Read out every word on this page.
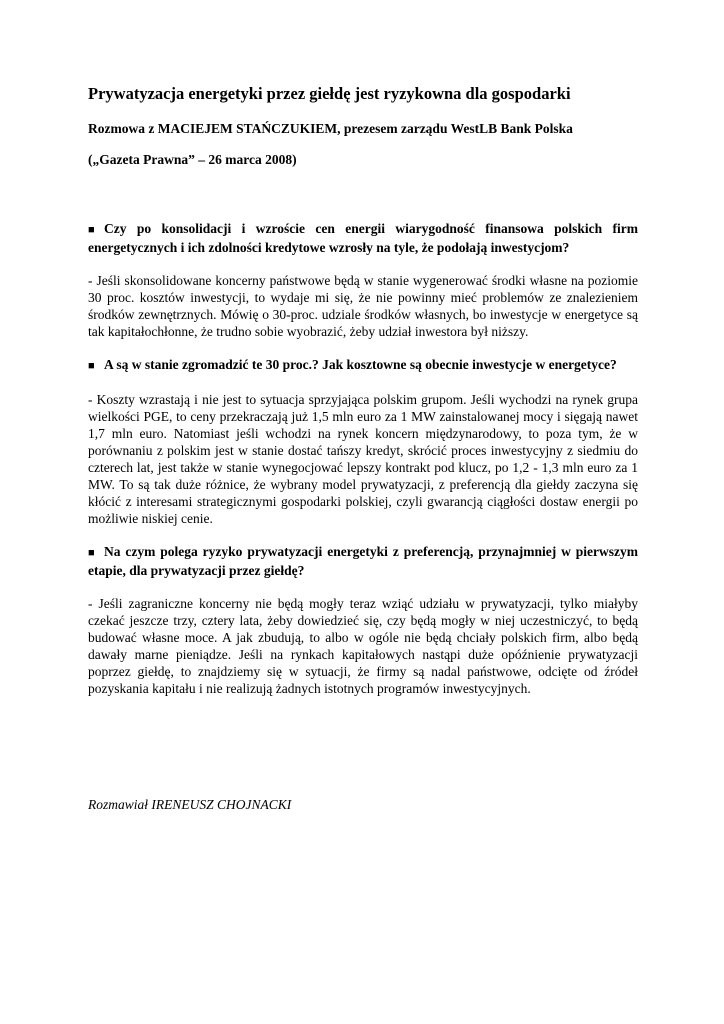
Prywatyzacja energetyki przez giełdę jest ryzykowna dla gospodarki
Rozmowa z MACIEJEM STAŃCZUKIEM, prezesem zarządu WestLB Bank Polska
(„Gazeta Prawna” – 26 marca 2008)
■ Czy po konsolidacji i wzroście cen energii wiarygodność finansowa polskich firm energetycznych i ich zdolności kredytowe wzrosły na tyle, że podołają inwestycjom?
- Jeśli skonsolidowane koncerny państwowe będą w stanie wygenerować środki własne na poziomie 30 proc. kosztów inwestycji, to wydaje mi się, że nie powinny mieć problemów ze znalezieniem środków zewnętrznych. Mówię o 30-proc. udziale środków własnych, bo inwestycje w energetyce są tak kapitałochłonne, że trudno sobie wyobrazić, żeby udział inwestora był niższy.
■ A są w stanie zgromadzić te 30 proc.? Jak kosztowne są obecnie inwestycje w energetyce?
- Koszty wzrastają i nie jest to sytuacja sprzyjająca polskim grupom. Jeśli wychodzi na rynek grupa wielkości PGE, to ceny przekraczają już 1,5 mln euro za 1 MW zainstalowanej mocy i sięgają nawet 1,7 mln euro. Natomiast jeśli wchodzi na rynek koncern międzynarodowy, to poza tym, że w porównaniu z polskim jest w stanie dostać tańszy kredyt, skrócić proces inwestycyjny z siedmiu do czterech lat, jest także w stanie wynegocjować lepszy kontrakt pod klucz, po 1,2 - 1,3 mln euro za 1 MW. To są tak duże różnice, że wybrany model prywatyzacji, z preferencją dla giełdy zaczyna się kłócić z interesami strategicznymi gospodarki polskiej, czyli gwarancją ciągłości dostaw energii po możliwie niskiej cenie.
■ Na czym polega ryzyko prywatyzacji energetyki z preferencją, przynajmniej w pierwszym etapie, dla prywatyzacji przez giełdę?
- Jeśli zagraniczne koncerny nie będą mogły teraz wziąć udziału w prywatyzacji, tylko miałyby czekać jeszcze trzy, cztery lata, żeby dowiedzieć się, czy będą mogły w niej uczestniczyć, to będą budować własne moce. A jak zbudują, to albo w ogóle nie będą chciały polskich firm, albo będą dawały marne pieniądze. Jeśli na rynkach kapitałowych nastąpi duże opóźnienie prywatyzacji poprzez giełdę, to znajdziemy się w sytuacji, że firmy są nadal państwowe, odcięte od źródeł pozyskania kapitału i nie realizują żadnych istotnych programów inwestycyjnych.
Rozmawiał IRENEUSZ CHOJNACKI
